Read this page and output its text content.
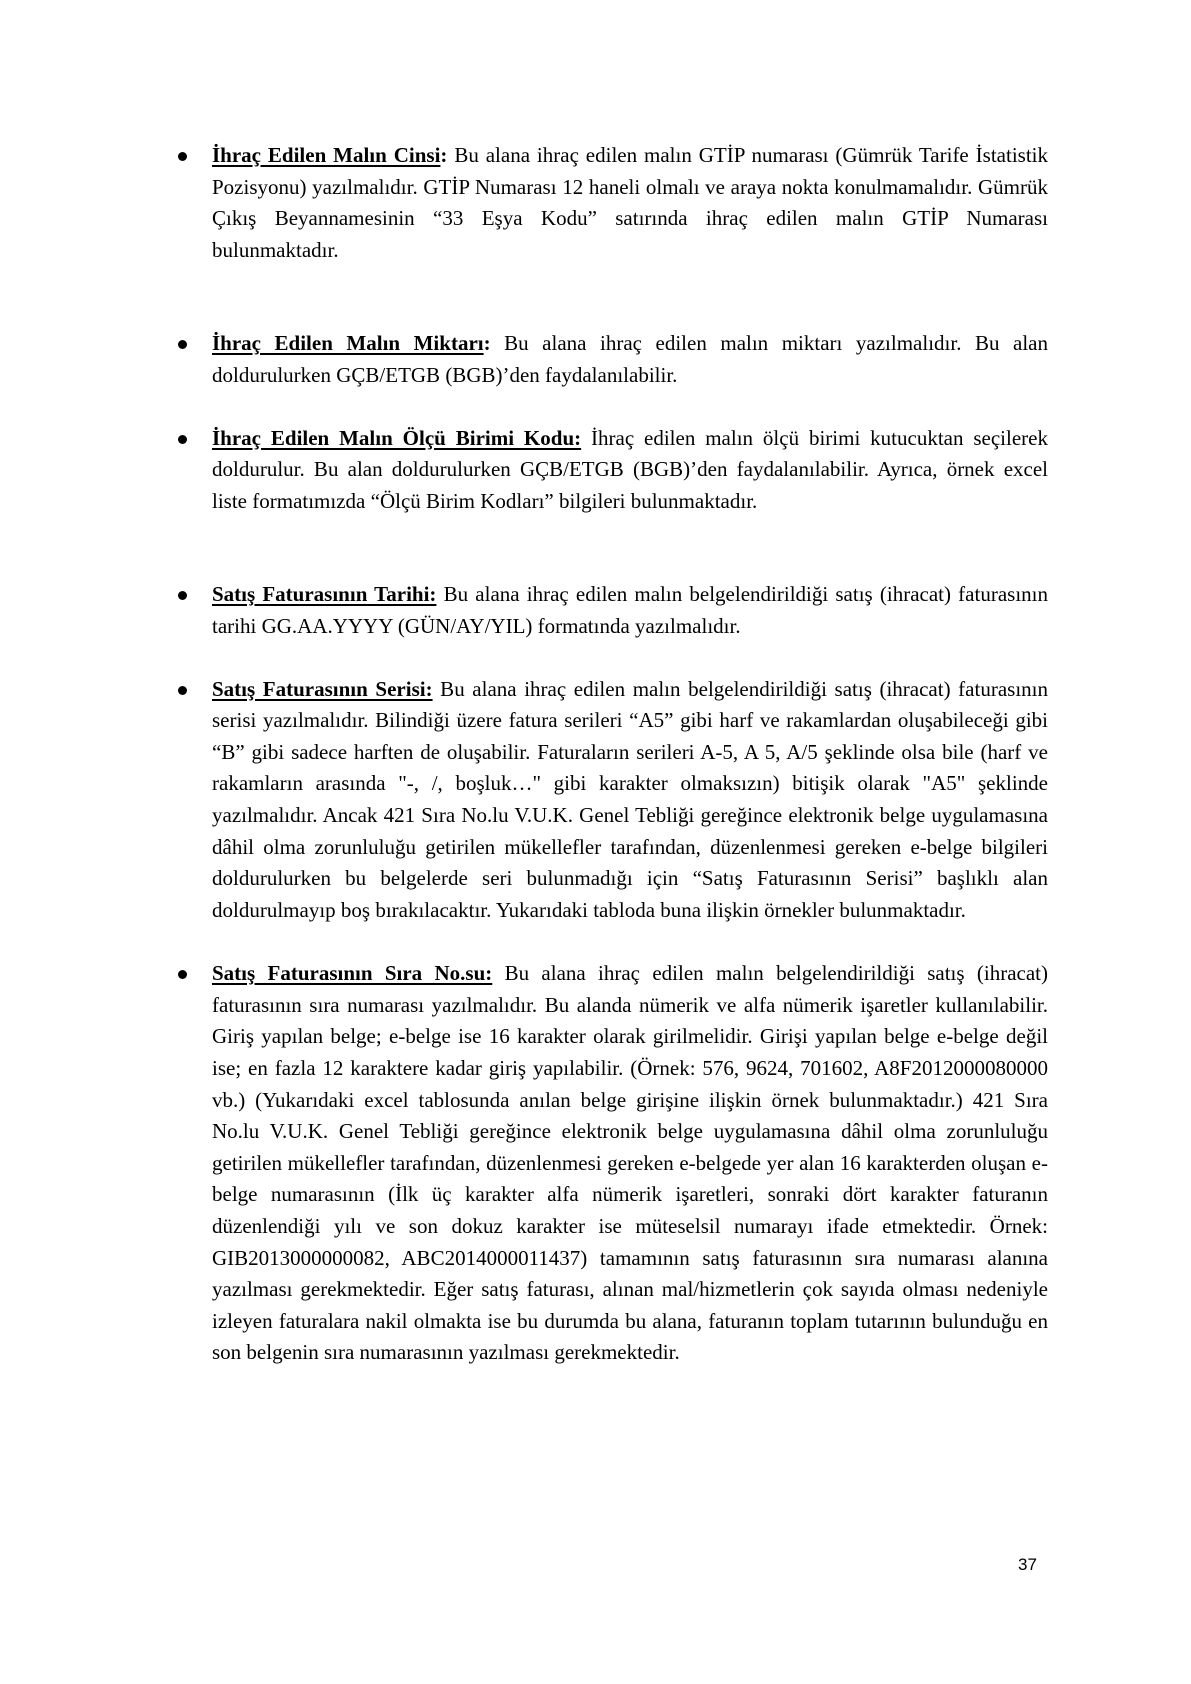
İhraç Edilen Malın Cinsi: Bu alana ihraç edilen malın GTİP numarası (Gümrük Tarife İstatistik Pozisyonu) yazılmalıdır. GTİP Numarası 12 haneli olmalı ve araya nokta konulmamalıdır. Gümrük Çıkış Beyannamesinin “33 Eşya Kodu” satırında ihraç edilen malın GTİP Numarası bulunmaktadır.
İhraç Edilen Malın Miktarı: Bu alana ihraç edilen malın miktarı yazılmalıdır. Bu alan doldurulurken GÇB/ETGB (BGB)’den faydalanılabilir.
İhraç Edilen Malın Ölçü Birimi Kodu: İhraç edilen malın ölçü birimi kutucuktan seçilerek doldurulur. Bu alan doldurulurken GÇB/ETGB (BGB)’den faydalanılabilir. Ayrıca, örnek excel liste formatımızda “Ölçü Birim Kodları” bilgileri bulunmaktadır.
Satış Faturasının Tarihi: Bu alana ihraç edilen malın belgelendirildiği satış (ihracat) faturasının tarihi GG.AA.YYYY (GÜN/AY/YIL) formatında yazılmalıdır.
Satış Faturasının Serisi: Bu alana ihraç edilen malın belgelendirildiği satış (ihracat) faturasının serisi yazılmalıdır. Bilindiği üzere fatura serileri “A5” gibi harf ve rakamlardan oluşabileceği gibi “B” gibi sadece harften de oluşabilir. Faturaların serileri A-5, A 5, A/5 şeklinde olsa bile (harf ve rakamların arasında "-, /, boşluk…" gibi karakter olmaksızın) bitişik olarak "A5" şeklinde yazılmalıdır. Ancak 421 Sıra No.lu V.U.K. Genel Tebliği gereğince elektronik belge uygulamasına dâhil olma zorunluluğu getirilen mükellefler tarafından, düzenlenmesi gereken e-belge bilgileri doldurulurken bu belgelerde seri bulunmadığı için “Satış Faturasının Serisi” başlıklı alan doldurulmayıp boş bırakılacaktır. Yukarıdaki tabloda buna ilişkin örnekler bulunmaktadır.
Satış Faturasının Sıra No.su: Bu alana ihraç edilen malın belgelendirildiği satış (ihracat) faturasının sıra numarası yazılmalıdır. Bu alanda nümerik ve alfa nümerik işaretler kullanılabilir. Giriş yapılan belge; e-belge ise 16 karakter olarak girilmelidir. Girişi yapılan belge e-belge değil ise; en fazla 12 karaktere kadar giriş yapılabilir. (Örnek: 576, 9624, 701602, A8F2012000080000 vb.) (Yukarıdaki excel tablosunda anılan belge girişine ilişkin örnek bulunmaktadır.) 421 Sıra No.lu V.U.K. Genel Tebliği gereğince elektronik belge uygulamasına dâhil olma zorunluluğu getirilen mükellefler tarafından, düzenlenmesi gereken e-belgede yer alan 16 karakterden oluşan e-belge numarasının (İlk üç karakter alfa nümerik işaretleri, sonraki dört karakter faturanın düzenlendiği yılı ve son dokuz karakter ise müteselsil numarayı ifade etmektedir. Örnek: GIB2013000000082, ABC2014000011437) tamamının satış faturasının sıra numarası alanına yazılması gerekmektedir. Eğer satış faturası, alınan mal/hizmetlerin çok sayıda olması nedeniyle izleyen faturalara nakil olmakta ise bu durumda bu alana, faturanın toplam tutarının bulunduğu en son belgenin sıra numarasının yazılması gerekmektedir.
37
